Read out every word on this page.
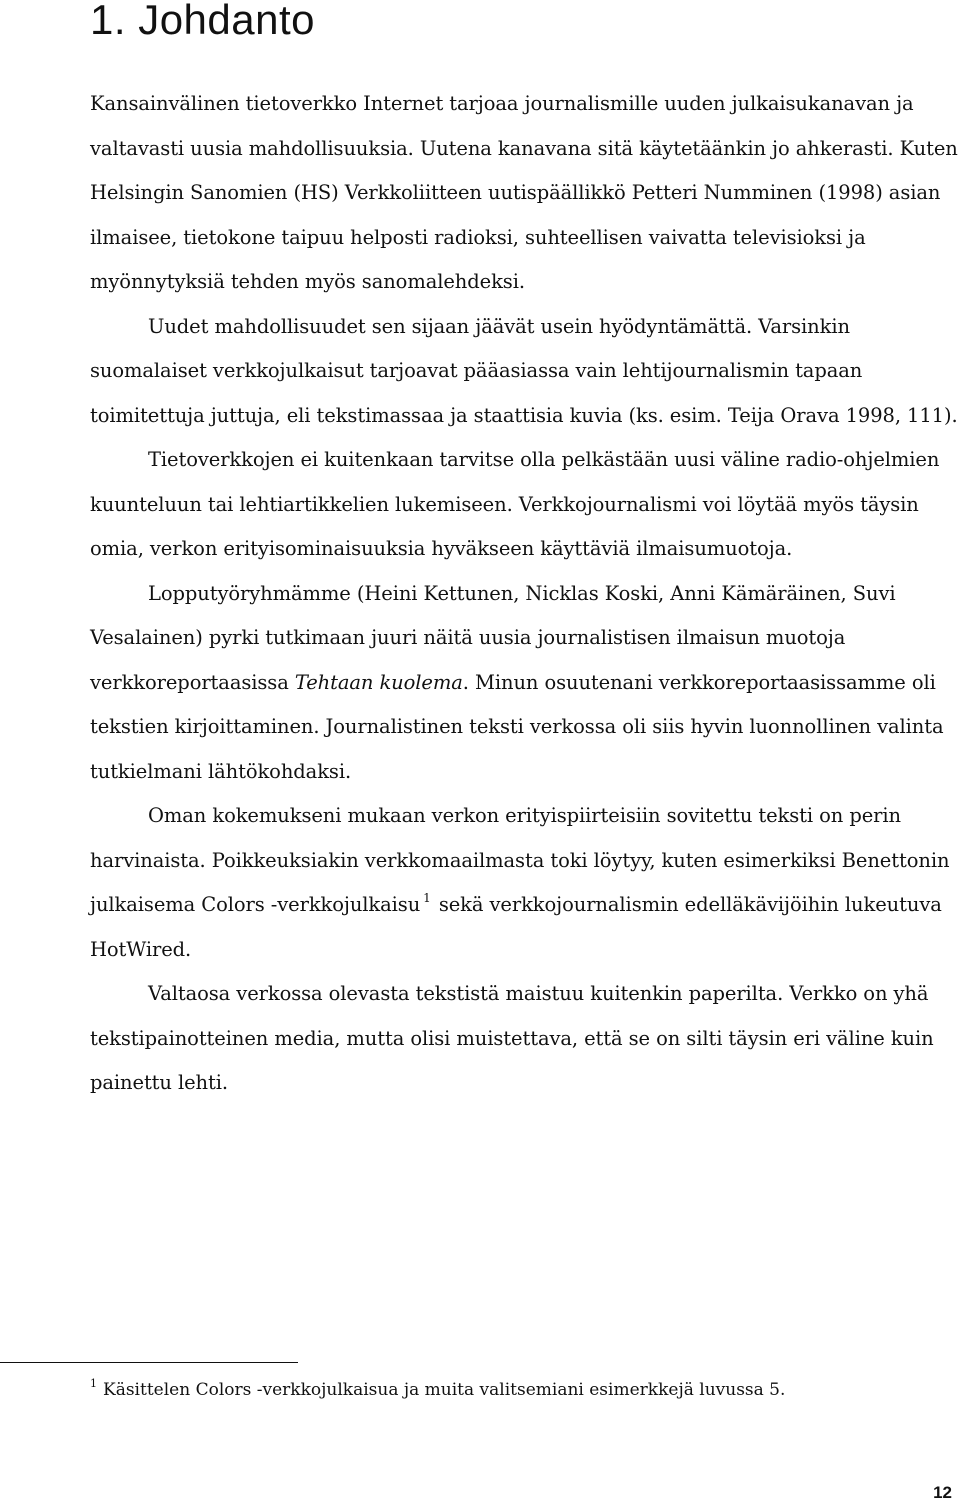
1. Johdanto

Kansainvälinen tietoverkko Internet tarjoaa journalismille uuden julkaisukanavan ja valtavasti uusia mahdollisuuksia. Uutena kanavana sitä käytetäänkin jo ahkerasti. Kuten Helsingin Sanomien (HS) Verkkoliitteen uutispäällikkö Petteri Numminen (1998) asian ilmaisee, tietokone taipuu helposti radioksi, suhteellisen vaivatta televisioksi ja myönnytyksiä tehden myös sanomalehdeksi.

Uudet mahdollisuudet sen sijaan jäävät usein hyödyntämättä. Varsinkin suomalaiset verkkojulkaisut tarjoavat pääasiassa vain lehtijournalismin tapaan toimitettuja juttuja, eli tekstimassaa ja staattisia kuvia (ks. esim. Teija Orava 1998, 111).

Tietoverkkojen ei kuitenkaan tarvitse olla pelkästään uusi väline radio-ohjelmien kuunteluun tai lehtiartikkelien lukemiseen. Verkkojournalismi voi löytää myös täysin omia, verkon erityisominaisuuksia hyväkseen käyttäviä ilmaisumuotoja.

Lopputyöryhmämme (Heini Kettunen, Nicklas Koski, Anni Kämäräinen, Suvi Vesalainen) pyrki tutkimaan juuri näitä uusia journalistisen ilmaisun muotoja verkkoreportaasissa Tehtaan kuolema. Minun osuutenani verkkoreportaasissamme oli tekstien kirjoittaminen. Journalistinen teksti verkossa oli siis hyvin luonnollinen valinta tutkielmani lähtökohdaksi.

Oman kokemukseni mukaan verkon erityispiirteisiin sovitettu teksti on perin harvinaista. Poikkeuksiakin verkkomaailmasta toki löytyy, kuten esimerkiksi Benettonin julkaisema Colors -verkkojulkaisu $^1$ sekä verkkojournalismin edelläkävijöihin lukeutuva HotWired.

Valtaosa verkossa olevasta tekstistä maistuu kuitenkin paperilta. Verkko on yhä tekstipainotteinen media, mutta olisi muistettava, että se on silti täysin eri väline kuin painettu lehti.

$^1$ Käsittelen Colors -verkkojulkaisua ja muita valitsemiani esimerkkejä luvussa 5.
12
